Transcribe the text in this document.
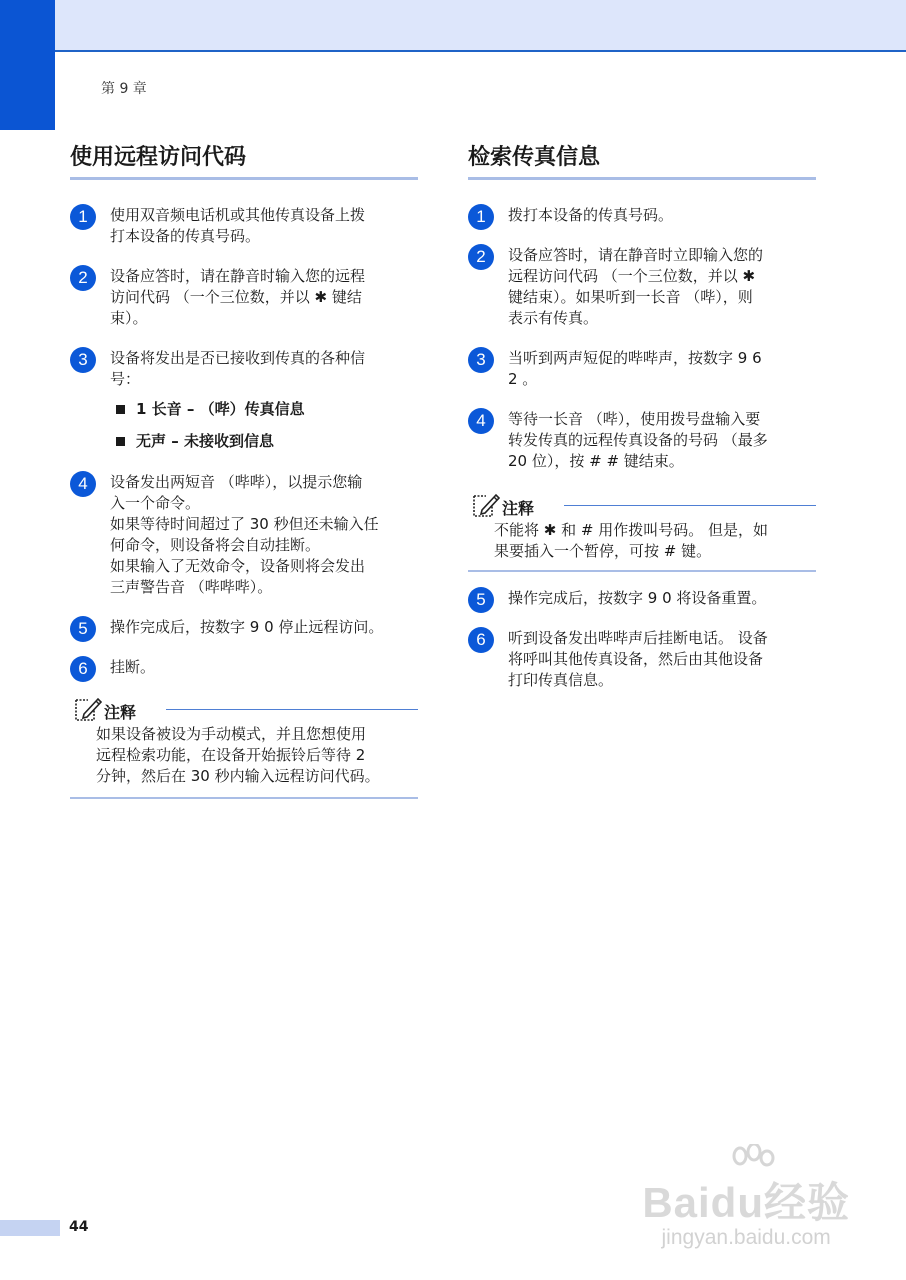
第 9 章
使用远程访问代码
1	使用双音频电话机或其他传真设备上拨

打本设备的传真号码。

2	设备应答时，请在静音时输入您的远程

访问代码 （一个三位数，并以 ✱ 键结

束）。

3	设备将发出是否已接收到传真的各种信

号：

1 长音 – （哔）传真信息
无声 – 未接收到信息
4	设备发出两短音 （哔哔），以提示您输

入一个命令。

如果等待时间超过了 30 秒但还未输入任

何命令，则设备将会自动挂断。

如果输入了无效命令，设备则将会发出

三声警告音 （哔哔哔）。

5	操作完成后，按数字 9 0 停止远程访问。

6	挂断。

注释

如果设备被设为手动模式，并且您想使用

远程检索功能，在设备开始振铃后等待 2

分钟，然后在 30 秒内输入远程访问代码。

检索传真信息
1	拨打本设备的传真号码。

2	设备应答时，请在静音时立即输入您的

远程访问代码 （一个三位数，并以 ✱

键结束）。如果听到一长音 （哔），则

表示有传真。

3	当听到两声短促的哔哔声，按数字 9 6

2 。

4	等待一长音 （哔），使用拨号盘输入要

转发传真的远程传真设备的号码 （最多

20 位），按 # # 键结束。

注释

不能将 ✱ 和 # 用作拨叫号码。 但是，如

果要插入一个暂停，可按 # 键。

5	操作完成后，按数字 9 0 将设备重置。

6	听到设备发出哔哔声后挂断电话。 设备

将呼叫其他传真设备，然后由其他设备

打印传真信息。

44
Baidu经验
jingyan.baidu.com
